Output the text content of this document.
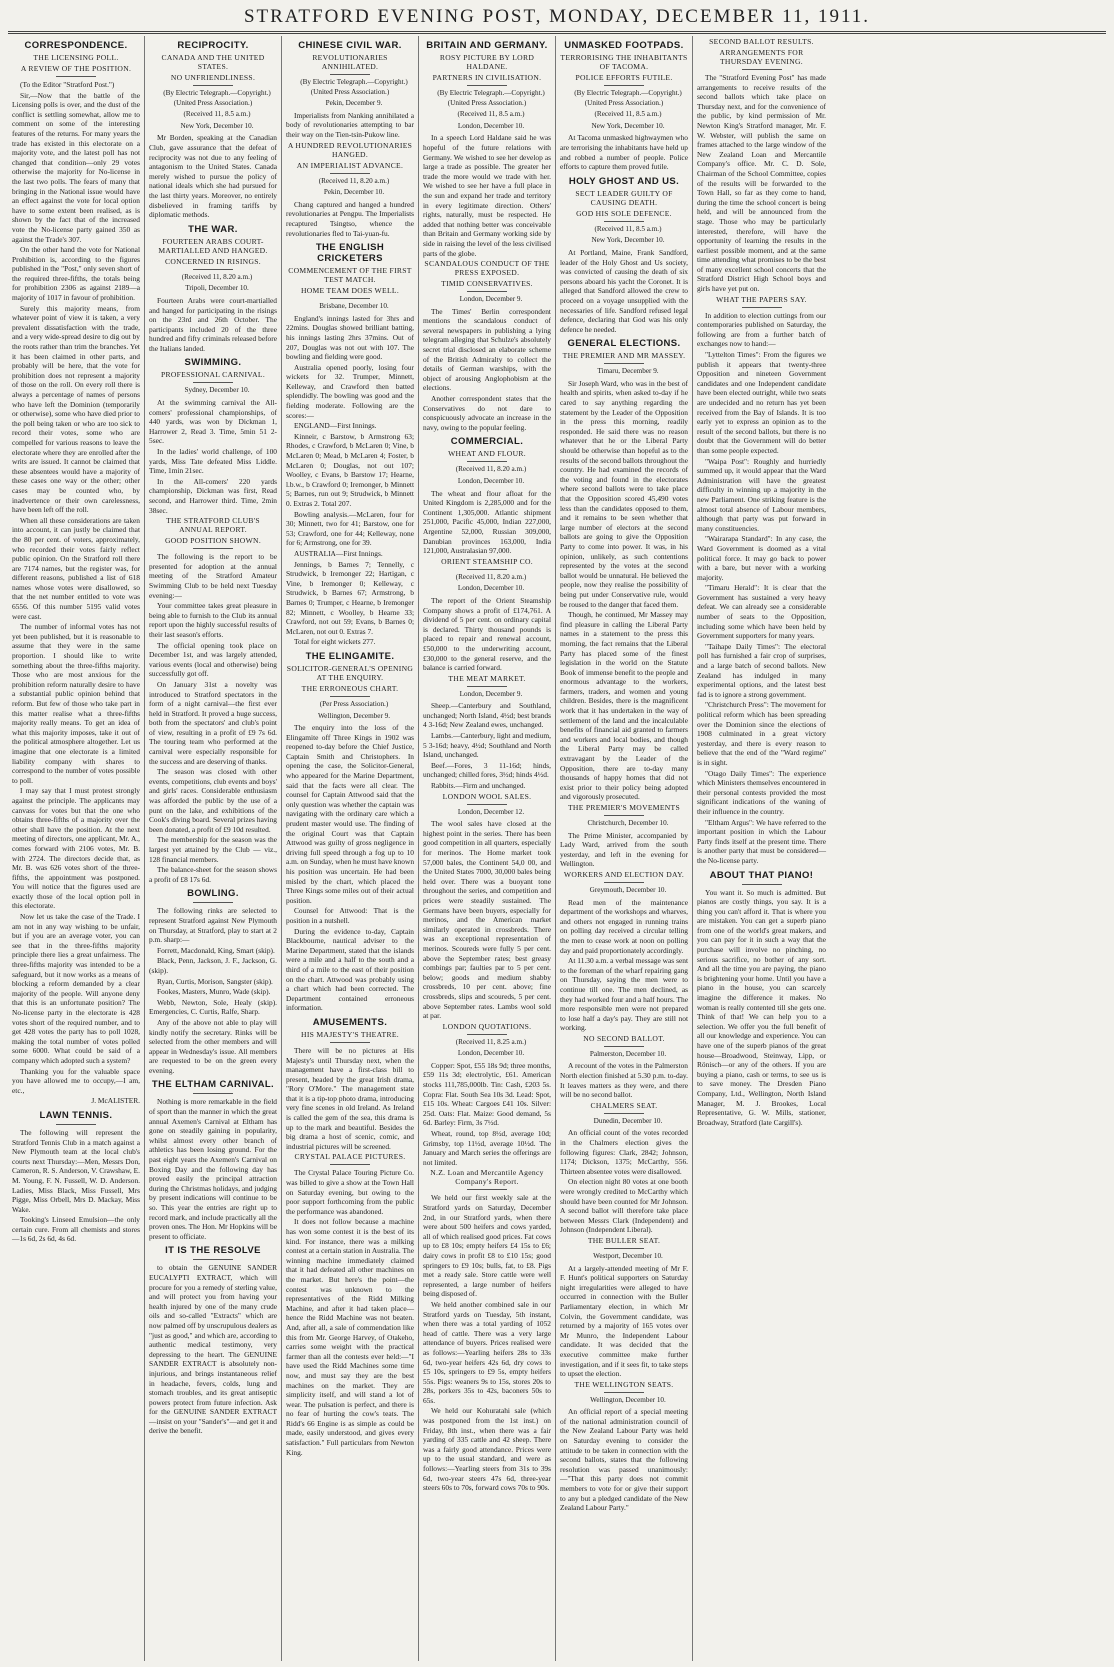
STRATFORD EVENING POST, MONDAY, DECEMBER 11, 1911.
CORRESPONDENCE.
THE LICENSING POLL.
A REVIEW OF THE POSITION.

(To the Editor "Stratford Post.")

Sir,—Now that the battle of the Licensing polls is over, and the dust of the conflict is settling somewhat, allow me to comment on some of the interesting features of the returns. For many years the trade has existed in this electorate on a majority vote, and the latest poll has not changed that condition—only 29 votes otherwise the majority for No-license in the last two polls. The fears of many that bringing in the National issue would have an effect against the vote for local option have to some extent been realised, as is shown by the fact that of the increased vote the No-license party gained 350 as against the Trade's 307.

On the other hand the vote for National Prohibition is, according to the figures published in the "Post," only seven short of the required three-fifths, the totals being for prohibition 2306 as against 2189—a majority of 1017 in favour of prohibition.

Surely this majority means, from whatever point of view it is taken, a very prevalent dissatisfaction with the trade, and a very wide-spread desire to dig out by the roots rather than trim the branches. Yet it has been claimed in other parts, and probably will be here, that the vote for prohibition does not represent a majority of those on the roll. On every roll there is always a percentage of names of persons who have left the Dominion (temporarily or otherwise), some who have died prior to the poll being taken or who are too sick to record their votes, some who are compelled for various reasons to leave the electorate where they are enrolled after the writs are issued. It cannot be claimed that these absentees would have a majority of these cases one way or the other; other cases may be counted who, by inadvertence or their own carelessness, have been left off the roll.

When all these considerations are taken into account, it can justly be claimed that the 80 per cent. of voters, approximately, who recorded their votes fairly reflect public opinion. On the Stratford roll there are 7174 names, but the register was, for different reasons, published a list of 618 names whose votes were disallowed, so that the net number entitled to vote was 6556. Of this number 5195 valid votes were cast.

The number of informal votes has not yet been published, but it is reasonable to assume that they were in the same proportion. I should like to write something about the three-fifths majority. Those who are most anxious for the prohibition reform naturally desire to have a substantial public opinion behind that reform. But few of those who take part in this matter realise what a three-fifths majority really means. To get an idea of what this majority imposes, take it out of the political atmosphere altogether. Let us imagine that one electorate is a limited liability company with shares to correspond to the number of votes possible to poll.

I may say that I must protest strongly against the principle. The applicants may canvass for votes but that the one who obtains three-fifths of a majority over the other shall have the position. At the next meeting of directors, one applicant, Mr. A., comes forward with 2106 votes, Mr. B. with 2724. The directors decide that, as Mr. B. was 626 votes short of the three-fifths, the appointment was postponed. You will notice that the figures used are exactly those of the local option poll in this electorate.

Now let us take the case of the Trade. I am not in any way wishing to be unfair, but if you are an average voter, you can see that in the three-fifths majority principle there lies a great unfairness. The three-fifths majority was intended to be a safeguard, but it now works as a means of blocking a reform demanded by a clear majority of the people. Will anyone deny that this is an unfortunate position? The No-license party in the electorate is 428 votes short of the required number, and to get 428 votes the party has to poll 1028, making the total number of votes polled some 6000. What could be said of a company which adopted such a system?

Thanking you for the valuable space you have allowed me to occupy,—I am, etc.,

J. McALISTER.
LAWN TENNIS.

The following will represent the Stratford Tennis Club in a match against a New Plymouth team at the local club's courts next Thursday:—Men, Messrs Don, Cameron, R. S. Anderson, V. Crawshaw, E. M. Young, F. N. Fussell, W. D. Anderson. Ladies, Miss Black, Miss Fussell, Mrs Pigge, Miss Orbell, Mrs D. Mackay, Miss Wake.

Tooking's Linseed Emulsion—the only certain cure. From all chemists and stores—1s 6d, 2s 6d, 4s 6d.

RECIPROCITY.
CANADA AND THE UNITED STATES.
NO UNFRIENDLINESS.

(By Electric Telegraph.—Copyright.) (United Press Association.)

(Received 11, 8.5 a.m.)

New York, December 10.

Mr Borden, speaking at the Canadian Club, gave assurance that the defeat of reciprocity was not due to any feeling of antagonism to the United States. Canada merely wished to pursue the policy of national ideals which she had pursued for the last thirty years. Moreover, no entirely disbelieved in framing tariffs by diplomatic methods.

THE WAR.
FOURTEEN ARABS COURT-MARTIALLED AND HANGED.
CONCERNED IN RISINGS.

(Received 11, 8.20 a.m.)

Tripoli, December 10.

Fourteen Arabs were court-martialled and hanged for participating in the risings on the 23rd and 26th October. The participants included 20 of the three hundred and fifty criminals released before the Italians landed.

SWIMMING.
PROFESSIONAL CARNIVAL.

Sydney, December 10.

At the swimming carnival the All-comers' professional championships, of 440 yards, was won by Dickman 1, Harrower 2, Read 3. Time, 5min 51 2-5sec.

In the ladies' world challenge, of 100 yards, Miss Tate defeated Miss Liddle. Time, 1min 21sec.

In the All-comers' 220 yards championship, Dickman was first, Read second, and Harrower third. Time, 2min 38sec.

THE STRATFORD CLUB'S ANNUAL REPORT.
GOOD POSITION SHOWN.

The following is the report to be presented for adoption at the annual meeting of the Stratford Amateur Swimming Club to be held next Tuesday evening:—

Your committee takes great pleasure in being able to furnish to the Club its annual report upon the highly successful results of their last season's efforts.

The official opening took place on December 1st, and was largely attended, various events (local and otherwise) being successfully got off.

On January 31st a novelty was introduced to Stratford spectators in the form of a night carnival—the first ever held in Stratford. It proved a huge success, both from the spectators' and club's point of view, resulting in a profit of £9 7s 6d. The touring team who performed at the carnival were especially responsible for the success and are deserving of thanks.

The season was closed with other events, competitions, club events and boys' and girls' races. Considerable enthusiasm was afforded the public by the use of a punt on the lake, and exhibitions of the Cook's diving board. Several prizes having been donated, a profit of £9 10d resulted.

The membership for the season was the largest yet attained by the Club — viz., 128 financial members.

The balance-sheet for the season shows a profit of £8 17s 6d.

BOWLING.

The following rinks are selected to represent Stratford against New Plymouth on Thursday, at Stratford, play to start at 2 p.m. sharp:—

Forrett, Macdonald, King, Smart (skip).

Black, Penn, Jackson, J. F., Jackson, G. (skip).

Ryan, Curtis, Morison, Sangster (skip).

Fookes, Masters, Munro, Wade (skip).

Webb, Newton, Sole, Healy (skip). Emergencies, C. Curtis, Ralfe, Sharp.

Any of the above not able to play will kindly notify the secretary. Rinks will be selected from the other members and will appear in Wednesday's issue. All members are requested to be on the green every evening.

THE ELTHAM CARNIVAL.

Nothing is more remarkable in the field of sport than the manner in which the great annual Axemen's Carnival at Eltham has gone on steadily gaining in popularity, whilst almost every other branch of athletics has been losing ground. For the past eight years the Axemen's Carnival on Boxing Day and the following day has proved easily the principal attraction during the Christmas holidays, and judging by present indications will continue to be so. This year the entries are right up to record mark, and include practically all the proven ones. The Hon. Mr Hopkins will be present to officiate.

IT IS THE RESOLVE

to obtain the GENUINE SANDER EUCALYPTI EXTRACT, which will procure for you a remedy of sterling value, and will protect you from having your health injured by one of the many crude oils and so-called "Extracts" which are now palmed off by unscrupulous dealers as "just as good," and which are, according to authentic medical testimony, very depressing to the heart. The GENUINE SANDER EXTRACT is absolutely non-injurious, and brings instantaneous relief in headache, fevers, colds, lung and stomach troubles, and its great antiseptic powers protect from future infection. Ask for the GENUINE SANDER EXTRACT—insist on your "Sander's"—and get it and derive the benefit.

CHINESE CIVIL WAR.
REVOLUTIONARIES ANNIHILATED.

(By Electric Telegraph.—Copyright.) (United Press Association.)

Pekin, December 9.

Imperialists from Nanking annihilated a body of revolutionaries attempting to bar their way on the Tien-tsin-Pukow line.

A HUNDRED REVOLUTIONARIES HANGED.
AN IMPERIALIST ADVANCE.

(Received 11, 8.20 a.m.)

Pekin, December 10.

Chang captured and hanged a hundred revolutionaries at Pengpu. The Imperialists recaptured Tsingtso, whence the revolutionaries fled to Tai-yuan-fu.

THE ENGLISH CRICKETERS
COMMENCEMENT OF THE FIRST TEST MATCH.
HOME TEAM DOES WELL.

Brisbane, December 10.

England's innings lasted for 3hrs and 22mins. Douglas showed brilliant batting, his innings lasting 2hrs 37mins. Out of 207, Douglas was not out with 107. The bowling and fielding were good.

Australia opened poorly, losing four wickets for 32. Trumper, Minnett, Kelleway, and Crawford then batted splendidly. The bowling was good and the fielding moderate. Following are the scores:—

ENGLAND—First Innings.

Kinneir, c Barstow, b Armstrong 63; Rhodes, c Crawford, b McLaren 0; Vine, b McLaren 0; Mead, b McLaren 4; Foster, b McLaren 0; Douglas, not out 107; Woolley, c Evans, b Barstow 17; Hearne, l.b.w., b Crawford 0; Iremonger, b Minnett 5; Barnes, run out 9; Strudwick, b Minnett 0. Extras 2. Total 207.

Bowling analysis.—McLaren, four for 30; Minnett, two for 41; Barstow, one for 53; Crawford, one for 44; Kelleway, none for 6; Armstrong, one for 39.

AUSTRALIA—First Innings.

Jennings, b Barnes 7; Tennelly, c Strudwick, b Iremonger 22; Hartigan, c Vine, b Iremonger 0; Kelleway, c Strudwick, b Barnes 67; Armstrong, b Barnes 0; Trumper, c Hearne, b Iremonger 82; Minnett, c Woolley, b Hearne 33; Crawford, not out 59; Evans, b Barnes 0; McLaren, not out 0. Extras 7.

Total for eight wickets 277.

THE ELINGAMITE.
SOLICITOR-GENERAL'S OPENING AT THE ENQUIRY.
THE ERRONEOUS CHART.

(Per Press Association.)

Wellington, December 9.

The enquiry into the loss of the Elingamite off Three Kings in 1902 was reopened to-day before the Chief Justice, Captain Smith and Christophers. In opening the case, the Solicitor-General, who appeared for the Marine Department, said that the facts were all clear. The counsel for Captain Attwood said that the only question was whether the captain was navigating with the ordinary care which a prudent master would use. The finding of the original Court was that Captain Attwood was guilty of gross negligence in driving full speed through a fog up to 10 a.m. on Sunday, when he must have known his position was uncertain. He had been misled by the chart, which placed the Three Kings some miles out of their actual position.

Counsel for Attwood: That is the position in a nutshell.

During the evidence to-day, Captain Blackbourne, nautical adviser to the Marine Department, stated that the islands were a mile and a half to the south and a third of a mile to the east of their position on the chart. Attwood was probably using a chart which had been corrected. The Department contained erroneous information.

AMUSEMENTS.
HIS MAJESTY'S THEATRE.

There will be no pictures at His Majesty's until Thursday next, when the management have a first-class bill to present, headed by the great Irish drama, "Rory O'More." The management state that it is a tip-top photo drama, introducing very fine scenes in old Ireland. As Ireland is called the gem of the sea, this drama is up to the mark and beautiful. Besides the big drama a host of scenic, comic, and industrial pictures will be screened.

CRYSTAL PALACE PICTURES.

The Crystal Palace Touring Picture Co. was billed to give a show at the Town Hall on Saturday evening, but owing to the poor support forthcoming from the public the performance was abandoned.

It does not follow because a machine has won some contest it is the best of its kind. For instance, there was a milking contest at a certain station in Australia. The winning machine immediately claimed that it had defeated all other machines on the market. But here's the point—the contest was unknown to the representatives of the Ridd Milking Machine, and after it had taken place—hence the Ridd Machine was not beaten. And, after all, a sale of commendation like this from Mr. George Harvey, of Otakeho, carries some weight with the practical farmer than all the contests ever held:—"I have used the Ridd Machines some time now, and must say they are the best machines on the market. They are simplicity itself, and will stand a lot of wear. The pulsation is perfect, and there is no fear of hurting the cow's teats. The Ridd's 66 Engine is as simple as could be made, easily understood, and gives every satisfaction." Full particulars from Newton King.

BRITAIN AND GERMANY.
ROSY PICTURE BY LORD HALDANE.
PARTNERS IN CIVILISATION.

(By Electric Telegraph.—Copyright.) (United Press Association.)

(Received 11, 8.5 a.m.)

London, December 10.

In a speech Lord Haldane said he was hopeful of the future relations with Germany. We wished to see her develop as large a trade as possible. The greater her trade the more would we trade with her. We wished to see her have a full place in the sun and expand her trade and territory in every legitimate direction. Others' rights, naturally, must be respected. He added that nothing better was conceivable than Britain and Germany working side by side in raising the level of the less civilised parts of the globe.

SCANDALOUS CONDUCT OF THE PRESS EXPOSED.
TIMID CONSERVATIVES.

London, December 9.

The Times' Berlin correspondent mentions the scandalous conduct of several newspapers in publishing a lying telegram alleging that Schulze's absolutely secret trial disclosed an elaborate scheme of the British Admiralty to collect the details of German warships, with the object of arousing Anglophobism at the elections.

Another correspondent states that the Conservatives do not dare to conspicuously advocate an increase in the navy, owing to the popular feeling.

COMMERCIAL.
WHEAT AND FLOUR.

(Received 11, 8.20 a.m.)

London, December 10.

The wheat and flour afloat for the United Kingdom is 2,285,000 and for the Continent 1,305,000. Atlantic shipment 251,000, Pacific 45,000, Indian 227,000, Argentine 52,000, Russian 309,000, Danubian provinces 163,000, India 121,000, Australasian 97,000.

ORIENT STEAMSHIP CO.

(Received 11, 8.20 a.m.)

London, December 10.

The report of the Orient Steamship Company shows a profit of £174,761. A dividend of 5 per cent. on ordinary capital is declared. Thirty thousand pounds is placed to repair and renewal account, £50,000 to the underwriting account, £30,000 to the general reserve, and the balance is carried forward.

THE MEAT MARKET.

London, December 9.

Sheep.—Canterbury and Southland, unchanged; North Island, 4½d; best brands 4 3-16d; New Zealand ewes, unchanged.

Lambs.—Canterbury, light and medium, 5 3-16d; heavy, 4½d; Southland and North Island, unchanged.

Beef.—Fores, 3 11-16d; hinds, unchanged; chilled fores, 3½d; hinds 4½d.

Rabbits.—Firm and unchanged.

LONDON WOOL SALES.

London, December 12.

The wool sales have closed at the highest point in the series. There has been good competition in all quarters, especially for merinos. The Home market took 57,000 bales, the Continent 54,0 00, and the United States 7000, 30,000 bales being held over. There was a buoyant tone throughout the series, and competition and prices were steadily sustained. The Germans have been buyers, especially for merinos, and the American market similarly operated in crossbreds. There was an exceptional representation of merinos. Scoureds were fully 5 per cent. above the September rates; best greasy combings par; faulties par to 5 per cent. below; goods and medium shabby crossbreds, 10 per cent. above; fine crossbreds, slips and scoureds, 5 per cent. above September rates. Lambs wool sold at par.

LONDON QUOTATIONS.

(Received 11, 8.25 a.m.)

London, December 10.

Copper: Spot, £55 18s 9d; three months, £59 11s 3d; electrolytic, £61. American stocks 111,785,000lb. Tin: Cash, £203 5s. Copra: Flat. South Sea 10s 3d. Lead: Spot, £15 10s. Wheat: Cargoes £41 10s. Silver: 25d. Oats: Flat. Maize: Good demand, 5s 6d. Barley: Firm, 3s 7½d.

Wheat, round, top 8½d, average 10d; Grimsby, top 11½d, average 10½d. The January and March series the offerings are not limited.

N.Z. Loan and Mercantile Agency Company's Report.

We held our first weekly sale at the Stratford yards on Saturday, December 2nd, in our Stratford yards, when there were about 500 heifers and cows yarded, all of which realised good prices. Fat cows up to £8 10s; empty heifers £4 15s to £6; dairy cows in profit £8 to £10 15s; good springers to £9 10s; bulls, fat, to £8. Pigs met a ready sale. Store cattle were well represented, a large number of heifers being disposed of.

We held another combined sale in our Stratford yards on Tuesday, 5th instant, when there was a total yarding of 1052 head of cattle. There was a very large attendance of buyers. Prices realised were as follows:—Yearling heifers 28s to 33s 6d, two-year heifers 42s 6d, dry cows to £5 10s, springers to £9 5s, empty heifers 55s. Pigs: weaners 9s to 15s, stores 20s to 28s, porkers 35s to 42s, baconers 50s to 65s.

We held our Kohuratahi sale (which was postponed from the 1st inst.) on Friday, 8th inst., when there was a fair yarding of 335 cattle and 42 sheep. There was a fairly good attendance. Prices were up to the usual standard, and were as follows:—Yearling steers from 31s to 39s 6d, two-year steers 47s 6d, three-year steers 60s to 70s, forward cows 70s to 90s.

UNMASKED FOOTPADS.
TERRORISING THE INHABITANTS OF TACOMA.
POLICE EFFORTS FUTILE.

(By Electric Telegraph.—Copyright.) (United Press Association.)

(Received 11, 8.5 a.m.)

New York, December 10.

At Tacoma unmasked highwaymen who are terrorising the inhabitants have held up and robbed a number of people. Police efforts to capture them proved futile.

HOLY GHOST AND US.
SECT LEADER GUILTY OF CAUSING DEATH.
GOD HIS SOLE DEFENCE.

(Received 11, 8.5 a.m.)

New York, December 10.

At Portland, Maine, Frank Sandford, leader of the Holy Ghost and Us society, was convicted of causing the death of six persons aboard his yacht the Coronet. It is alleged that Sandford allowed the crew to proceed on a voyage unsupplied with the necessaries of life. Sandford refused legal defence, declaring that God was his only defence he needed.

GENERAL ELECTIONS.
THE PREMIER AND MR MASSEY.

Timaru, December 9.

Sir Joseph Ward, who was in the best of health and spirits, when asked to-day if he cared to say anything regarding the statement by the Leader of the Opposition in the press this morning, readily responded. He said there was no reason whatever that he or the Liberal Party should be otherwise than hopeful as to the results of the second ballots throughout the country. He had examined the records of the voting and found in the electorates where second ballots were to take place that the Opposition scored 45,490 votes less than the candidates opposed to them, and it remains to be seen whether that large number of electors at the second ballots are going to give the Opposition Party to come into power. It was, in his opinion, unlikely, as such contentions represented by the votes at the second ballot would be unnatural. He believed the people, now they realise the possibility of being put under Conservative rule, would be roused to the danger that faced them.

Though, he continued, Mr Massey may find pleasure in calling the Liberal Party names in a statement to the press this morning, the fact remains that the Liberal Party has placed some of the finest legislation in the world on the Statute Book of immense benefit to the people and enormous advantage to the workers, farmers, traders, and women and young children. Besides, there is the magnificent work that it has undertaken in the way of settlement of the land and the incalculable benefits of financial aid granted to farmers and workers and local bodies, and though the Liberal Party may be called extravagant by the Leader of the Opposition, there are to-day many thousands of happy homes that did not exist prior to their policy being adopted and vigorously prosecuted.

THE PREMIER'S MOVEMENTS

Christchurch, December 10.

The Prime Minister, accompanied by Lady Ward, arrived from the south yesterday, and left in the evening for Wellington.

WORKERS AND ELECTION DAY.

Greymouth, December 10.

Read men of the maintenance department of the workshops and wharves, and others not engaged in running trains on polling day received a circular telling the men to cease work at noon on polling day and paid proportionately accordingly.

At 11.30 a.m. a verbal message was sent to the foreman of the wharf repairing gang on Thursday, saying the men were to continue till one. The men declined, as they had worked four and a half hours. The more responsible men were not prepared to lose half a day's pay. They are still not working.

NO SECOND BALLOT.

Palmerston, December 10.

A recount of the votes in the Palmerston North election finished at 5.30 p.m. to-day. It leaves matters as they were, and there will be no second ballot.

CHALMERS SEAT.

Dunedin, December 10.

An official count of the votes recorded in the Chalmers election gives the following figures: Clark, 2842; Johnson, 1174; Dickson, 1375; McCarthy, 556. Thirteen absentee votes were disallowed.

On election night 80 votes at one booth were wrongly credited to McCarthy which should have been counted for Mr Johnson. A second ballot will therefore take place between Messrs Clark (Independent) and Johnson (Independent Liberal).

THE BULLER SEAT.

Westport, December 10.

At a largely-attended meeting of Mr F. F. Hunt's political supporters on Saturday night irregularities were alleged to have occurred in connection with the Buller Parliamentary election, in which Mr Colvin, the Government candidate, was returned by a majority of 165 votes over Mr Munro, the Independent Labour candidate. It was decided that the executive committee make further investigation, and if it sees fit, to take steps to upset the election.

THE WELLINGTON SEATS.

Wellington, December 10.

An official report of a special meeting of the national administration council of the New Zealand Labour Party was held on Saturday evening to consider the attitude to be taken in connection with the second ballots, states that the following resolution was passed unanimously:—"That this party does not commit members to vote for or give their support to any but a pledged candidate of the New Zealand Labour Party."

SECOND BALLOT RESULTS.
ARRANGEMENTS FOR THURSDAY EVENING.

The "Stratford Evening Post" has made arrangements to receive results of the second ballots which take place on Thursday next, and for the convenience of the public, by kind permission of Mr. Newton King's Stratford manager, Mr. F. W. Webster, will publish the same on frames attached to the large window of the New Zealand Loan and Mercantile Company's office. Mr. C. D. Sole, Chairman of the School Committee, copies of the results will be forwarded to the Town Hall, so far as they come to hand, during the time the school concert is being held, and will be announced from the stage. Those who may be particularly interested, therefore, will have the opportunity of learning the results in the earliest possible moment, and at the same time attending what promises to be the best of many excellent school concerts that the Stratford District High School boys and girls have yet put on.

WHAT THE PAPERS SAY.

In addition to election cuttings from our contemporaries published on Saturday, the following are from a further batch of exchanges now to hand:—

"Lyttelton Times": From the figures we publish it appears that twenty-three Opposition and nineteen Government candidates and one Independent candidate have been elected outright, while two seats are undecided and no return has yet been received from the Bay of Islands. It is too early yet to express an opinion as to the result of the second ballots, but there is no doubt that the Government will do better than some people expected.

"Waipa Post": Roughly and hurriedly summed up, it would appear that the Ward Administration will have the greatest difficulty in winning up a majority in the new Parliament. One striking feature is the almost total absence of Labour members, although that party was put forward in many constituencies.

"Wairarapa Standard": In any case, the Ward Government is doomed as a vital political force. It may go back to power with a bare, but never with a working majority.

"Timaru Herald": It is clear that the Government has sustained a very heavy defeat. We can already see a considerable number of seats to the Opposition, including some which have been held by Government supporters for many years.

"Taihape Daily Times": The electoral poll has furnished a fair crop of surprises, and a large batch of second ballots. New Zealand has indulged in many experimental options, and the latest best fad is to ignore a strong government.

"Christchurch Press": The movement for political reform which has been spreading over the Dominion since the elections of 1908 culminated in a great victory yesterday, and there is every reason to believe that the end of the "Ward regime" is in sight.

"Otago Daily Times": The experience which Ministers themselves encountered in their personal contests provided the most significant indications of the waning of their influence in the country.

"Eltham Argus": We have referred to the important position in which the Labour Party finds itself at the present time. There is another party that must be considered—the No-license party.

ABOUT THAT PIANO!

You want it. So much is admitted. But pianos are costly things, you say. It is a thing you can't afford it. That is where you are mistaken. You can get a superb piano from one of the world's great makers, and you can pay for it in such a way that the purchase will involve no pinching, no serious sacrifice, no bother of any sort. And all the time you are paying, the piano is brightening your home. Until you have a piano in the house, you can scarcely imagine the difference it makes. No woman is really contented till she gets one. Think of that! We can help you to a selection. We offer you the full benefit of all our knowledge and experience. You can have one of the superb pianos of the great house—Broadwood, Steinway, Lipp, or Rönisch—or any of the others. If you are buying a piano, cash or terms, to see us is to save money. The Dresden Piano Company, Ltd., Wellington, North Island Manager, M. J. Brookes, Local Representative, G. W. Mills, stationer, Broadway, Stratford (late Cargill's).
